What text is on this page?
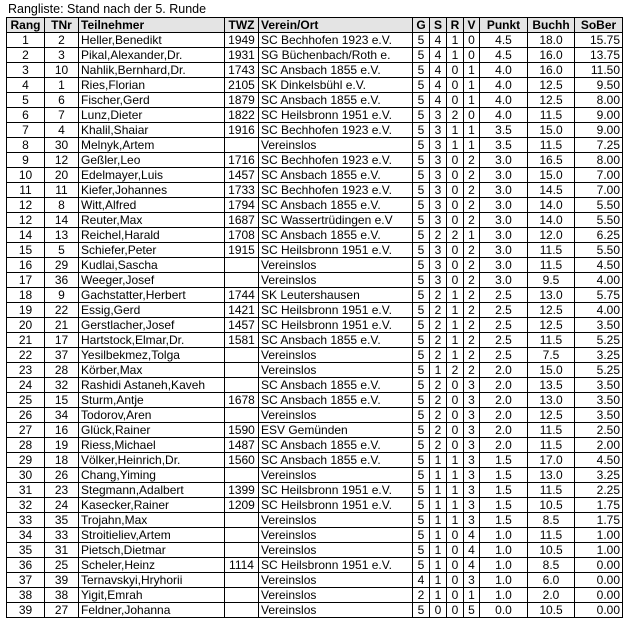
Rangliste: Stand nach der 5. Runde
Rang	TNr	Teilnehmer	TWZ	Verein/Ort	G	S	R	V	Punkt	Buchh	SoBer
1	2	Heller,Benedikt	1949	SC Bechhofen 1923 e.V.	5	4	1	0	4.5	18.0	15.75
2	3	Pikal,Alexander,Dr.	1931	SG Büchenbach/Roth e.	5	4	1	0	4.5	16.0	13.75
3	10	Nahlik,Bernhard,Dr.	1743	SC Ansbach 1855 e.V.	5	4	0	1	4.0	16.0	11.50
4	1	Ries,Florian	2105	SK Dinkelsbühl e.V.	5	4	0	1	4.0	12.5	9.50
5	6	Fischer,Gerd	1879	SC Ansbach 1855 e.V.	5	4	0	1	4.0	12.5	8.00
6	7	Lunz,Dieter	1822	SC Heilsbronn 1951 e.V.	5	3	2	0	4.0	11.5	9.00
7	4	Khalil,Shaiar	1916	SC Bechhofen 1923 e.V.	5	3	1	1	3.5	15.0	9.00
8	30	Melnyk,Artem		Vereinslos	5	3	1	1	3.5	11.5	7.25
9	12	Geßler,Leo	1716	SC Bechhofen 1923 e.V.	5	3	0	2	3.0	16.5	8.00
10	20	Edelmayer,Luis	1457	SC Ansbach 1855 e.V.	5	3	0	2	3.0	15.0	7.00
11	11	Kiefer,Johannes	1733	SC Bechhofen 1923 e.V.	5	3	0	2	3.0	14.5	7.00
12	8	Witt,Alfred	1794	SC Ansbach 1855 e.V.	5	3	0	2	3.0	14.0	5.50
12	14	Reuter,Max	1687	SC Wassertrüdingen e.V	5	3	0	2	3.0	14.0	5.50
14	13	Reichel,Harald	1708	SC Ansbach 1855 e.V.	5	2	2	1	3.0	12.0	6.25
15	5	Schiefer,Peter	1915	SC Heilsbronn 1951 e.V.	5	3	0	2	3.0	11.5	5.50
16	29	Kudlai,Sascha		Vereinslos	5	3	0	2	3.0	11.5	4.50
17	36	Weeger,Josef		Vereinslos	5	3	0	2	3.0	9.5	4.00
18	9	Gachstatter,Herbert	1744	SK Leutershausen	5	2	1	2	2.5	13.0	5.75
19	22	Essig,Gerd	1421	SC Heilsbronn 1951 e.V.	5	2	1	2	2.5	12.5	4.00
20	21	Gerstlacher,Josef	1457	SC Heilsbronn 1951 e.V.	5	2	1	2	2.5	12.5	3.50
21	17	Hartstock,Elmar,Dr.	1581	SC Ansbach 1855 e.V.	5	2	1	2	2.5	11.5	5.25
22	37	Yesilbekmez,Tolga		Vereinslos	5	2	1	2	2.5	7.5	3.25
23	28	Körber,Max		Vereinslos	5	1	2	2	2.0	15.0	5.25
24	32	Rashidi Astaneh,Kaveh		SC Ansbach 1855 e.V.	5	2	0	3	2.0	13.5	3.50
25	15	Sturm,Antje	1678	SC Ansbach 1855 e.V.	5	2	0	3	2.0	13.0	3.50
26	34	Todorov,Aren		Vereinslos	5	2	0	3	2.0	12.5	3.50
27	16	Glück,Rainer	1590	ESV Gemünden	5	2	0	3	2.0	11.5	2.50
28	19	Riess,Michael	1487	SC Ansbach 1855 e.V.	5	2	0	3	2.0	11.5	2.00
29	18	Völker,Heinrich,Dr.	1560	SC Ansbach 1855 e.V.	5	1	1	3	1.5	17.0	4.50
30	26	Chang,Yiming		Vereinslos	5	1	1	3	1.5	13.0	3.25
31	23	Stegmann,Adalbert	1399	SC Heilsbronn 1951 e.V.	5	1	1	3	1.5	11.5	2.25
32	24	Kasecker,Rainer	1209	SC Heilsbronn 1951 e.V.	5	1	1	3	1.5	10.5	1.75
33	35	Trojahn,Max		Vereinslos	5	1	1	3	1.5	8.5	1.75
34	33	Stroitieliev,Artem		Vereinslos	5	1	0	4	1.0	11.5	1.00
35	31	Pietsch,Dietmar		Vereinslos	5	1	0	4	1.0	10.5	1.00
36	25	Scheler,Heinz	1114	SC Heilsbronn 1951 e.V.	5	1	0	4	1.0	8.5	0.00
37	39	Ternavskyi,Hryhorii		Vereinslos	4	1	0	3	1.0	6.0	0.00
38	38	Yigit,Emrah		Vereinslos	2	1	0	1	1.0	2.0	0.00
39	27	Feldner,Johanna		Vereinslos	5	0	0	5	0.0	10.5	0.00
